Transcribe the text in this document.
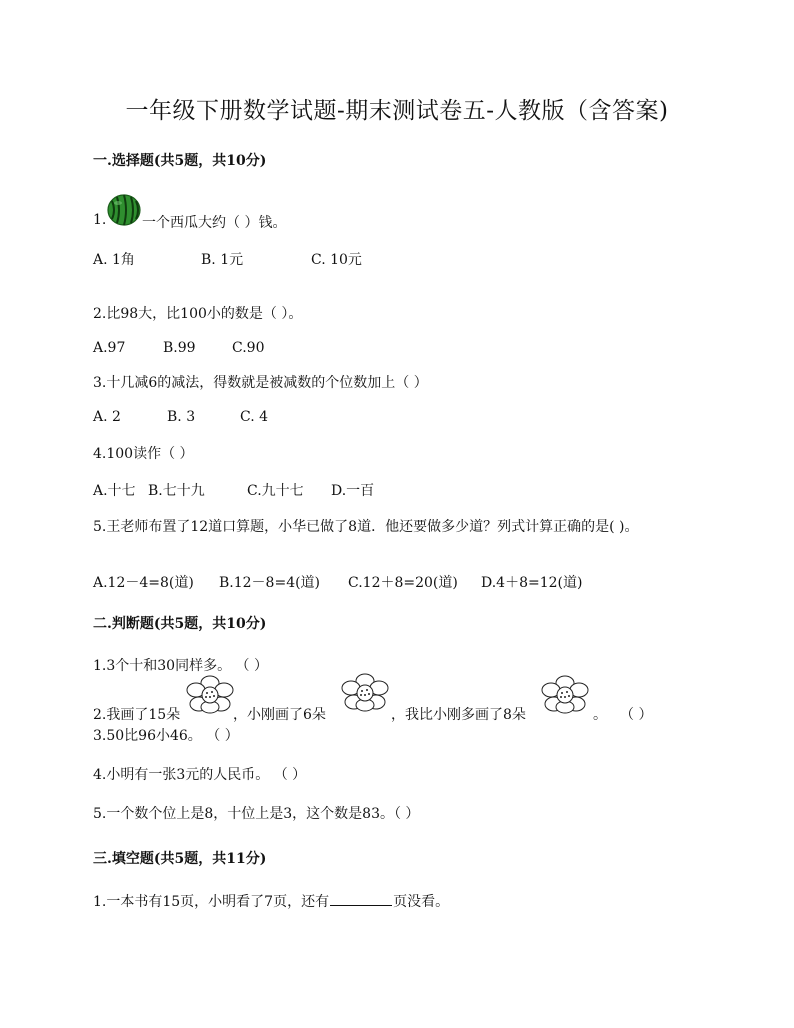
一年级下册数学试题-期末测试卷五-人教版（含答案)
一.选择题(共5题，共10分)
1.	一个西瓜大约（ ）钱。
A. 1角	B. 1元	C. 10元
2.比98大，比100小的数是（ ）。
A.97	B.99	C.90
3.十几减6的减法，得数就是被减数的个位数加上（ ）
A. 2	B. 3	C. 4
4.100读作（ ）
A.十七 B.七十九	C.九十七 D.一百
5.王老师布置了12道口算题，小华已做了8道．他还要做多少道？列式计算正确的是( )。
A.12－4=8(道) B.12－8=4(道) C.12＋8=20(道) D.4＋8=12(道)
二.判断题(共5题，共10分)
1.3个十和30同样多。 （ ）
2.我画了15朵	，小刚画了6朵	，我比小刚多画了8朵	。 （ ）
3.50比96小46。 （ ）
4.小明有一张3元的人民币。 （ ）
5.一个数个位上是8，十位上是3，这个数是83。（ ）
三.填空题(共5题，共11分)
1.一本书有15页，小明看了7页，还有	页没看。
